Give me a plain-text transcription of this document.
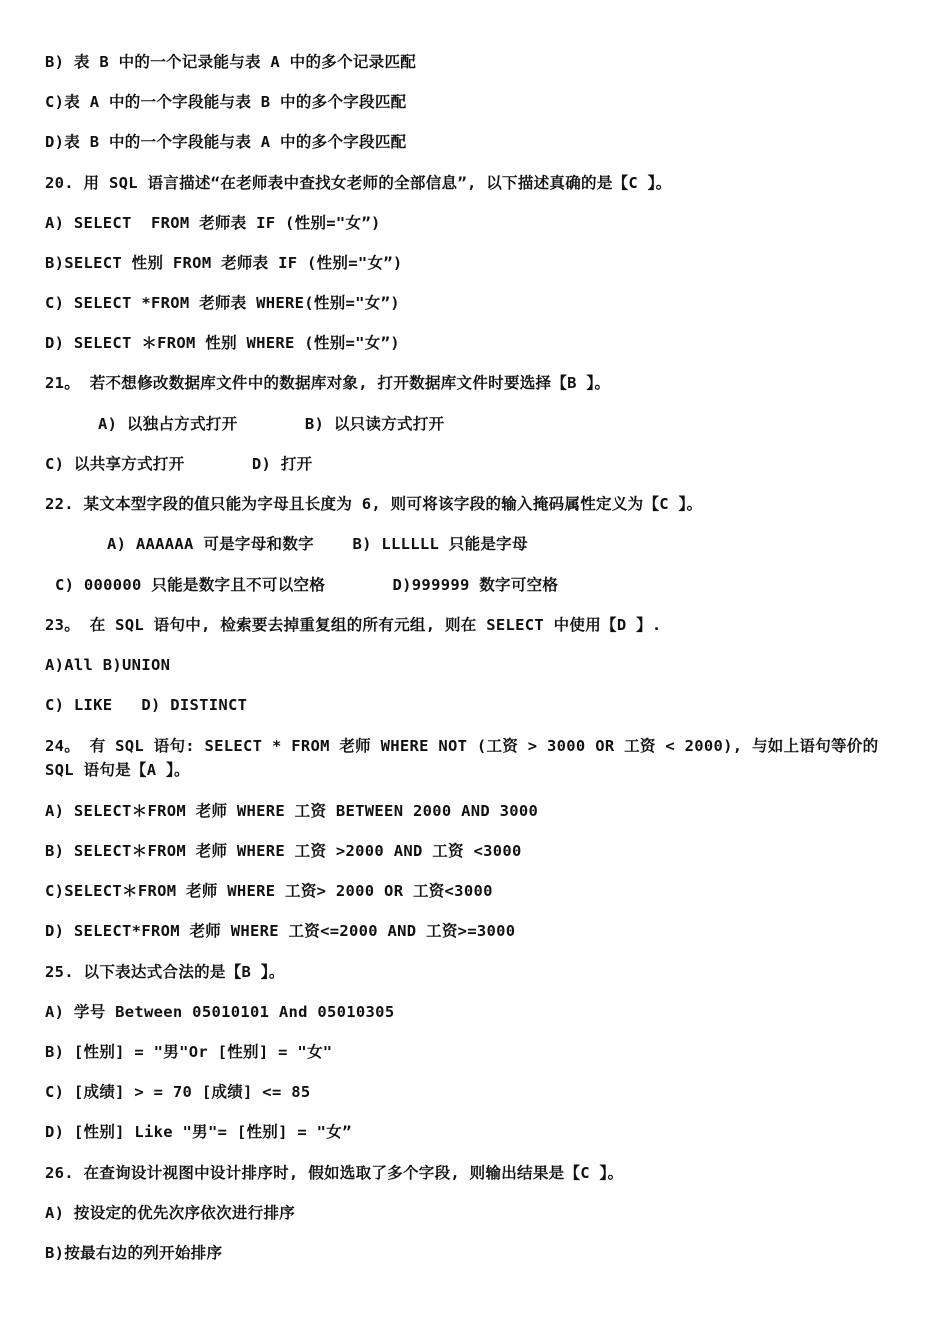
B) 表 B 中的一个记录能与表 A 中的多个记录匹配

C)表 A 中的一个字段能与表 B 中的多个字段匹配

D)表 B 中的一个字段能与表 A 中的多个字段匹配

20. 用 SQL 语言描述“在老师表中查找女老师的全部信息”, 以下描述真确的是【C 】。

A) SELECT  FROM 老师表 IF (性别="女”)

B)SELECT 性别 FROM 老师表 IF (性别="女”)

C) SELECT *FROM 老师表 WHERE(性别="女”)

D) SELECT ＊FROM 性别 WHERE (性别="女”)

21。 若不想修改数据库文件中的数据库对象, 打开数据库文件时要选择【B 】。

A) 以独占方式打开       B) 以只读方式打开

C) 以共享方式打开       D) 打开

22. 某文本型字段的值只能为字母且长度为 6, 则可将该字段的输入掩码属性定义为【C 】。

A) AAAAAA 可是字母和数字    B) LLLLLL 只能是字母

C) 000000 只能是数字且不可以空格       D)999999 数字可空格

23。 在 SQL 语句中, 检索要去掉重复组的所有元组, 则在 SELECT 中使用【D 】.

A)All B)UNION

C) LIKE   D) DISTINCT

24。 有 SQL 语句: SELECT * FROM 老师 WHERE NOT (工资 > 3000 OR 工资 < 2000), 与如上语句等价的 SQL 语句是【A 】。

A) SELECT＊FROM 老师 WHERE 工资 BETWEEN 2000 AND 3000

B) SELECT＊FROM 老师 WHERE 工资 >2000 AND 工资 <3000

C)SELECT＊FROM 老师 WHERE 工资> 2000 OR 工资<3000

D) SELECT*FROM 老师 WHERE 工资<=2000 AND 工资>=3000

25. 以下表达式合法的是【B 】。

A) 学号 Between 05010101 And 05010305

B) [性别] = "男"Or [性别] = "女"

C) [成绩] > = 70 [成绩] <= 85

D) [性别] Like "男"= [性别] = "女”

26. 在查询设计视图中设计排序时, 假如选取了多个字段, 则输出结果是【C 】。

A) 按设定的优先次序依次进行排序

B)按最右边的列开始排序
